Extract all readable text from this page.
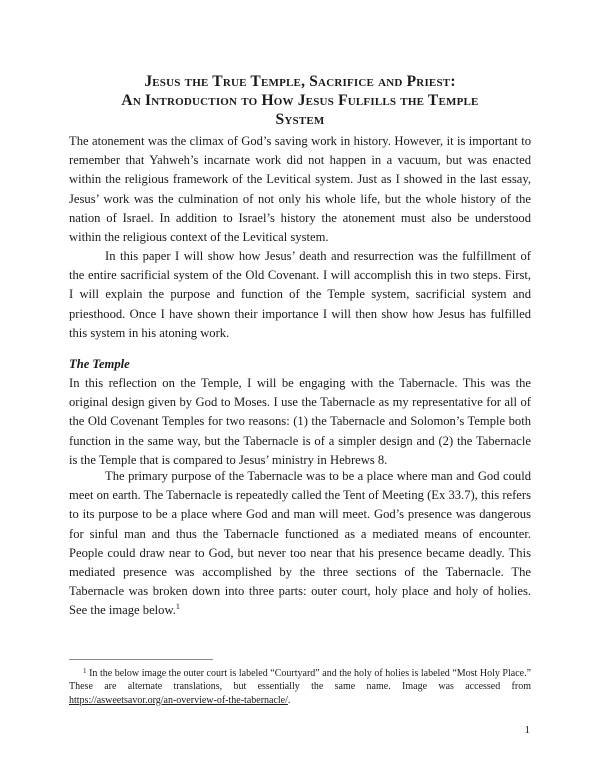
Jesus the True Temple, Sacrifice and Priest:
An Introduction to How Jesus Fulfills the Temple
System

The atonement was the climax of God’s saving work in history. However, it is important to remember that Yahweh’s incarnate work did not happen in a vacuum, but was enacted within the religious framework of the Levitical system. Just as I showed in the last essay, Jesus’ work was the culmination of not only his whole life, but the whole history of the nation of Israel. In addition to Israel’s history the atonement must also be understood within the religious context of the Levitical system.

In this paper I will show how Jesus’ death and resurrection was the fulfillment of the entire sacrificial system of the Old Covenant. I will accomplish this in two steps. First, I will explain the purpose and function of the Temple system, sacrificial system and priesthood. Once I have shown their importance I will then show how Jesus has fulfilled this system in his atoning work.

The Temple

In this reflection on the Temple, I will be engaging with the Tabernacle. This was the original design given by God to Moses. I use the Tabernacle as my representative for all of the Old Covenant Temples for two reasons: (1) the Tabernacle and Solomon’s Temple both function in the same way, but the Tabernacle is of a simpler design and (2) the Tabernacle is the Temple that is compared to Jesus’ ministry in Hebrews 8.

The primary purpose of the Tabernacle was to be a place where man and God could meet on earth. The Tabernacle is repeatedly called the Tent of Meeting (Ex 33.7), this refers to its purpose to be a place where God and man will meet. God’s presence was dangerous for sinful man and thus the Tabernacle functioned as a mediated means of encounter. People could draw near to God, but never too near that his presence became deadly. This mediated presence was accomplished by the three sections of the Tabernacle. The Tabernacle was broken down into three parts: outer court, holy place and holy of holies. See the image below.$^1$

$^1$ In the below image the outer court is labeled “Courtyard” and the holy of holies is labeled “Most Holy Place.” These are alternate translations, but essentially the same name. Image was accessed from https://asweetsavor.org/an-overview-of-the-tabernacle/.

1
